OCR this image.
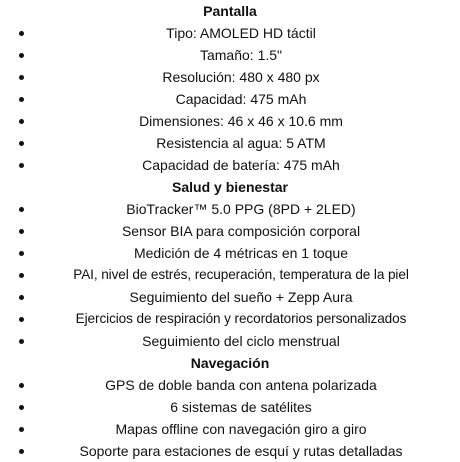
Pantalla
Tipo: AMOLED HD táctil
Tamaño: 1.5"
Resolución: 480 x 480 px
Capacidad: 475 mAh
Dimensiones: 46 x 46 x 10.6 mm
Resistencia al agua: 5 ATM
Capacidad de batería: 475 mAh
Salud y bienestar
BioTracker™ 5.0 PPG (8PD + 2LED)
Sensor BIA para composición corporal
Medición de 4 métricas en 1 toque
PAI, nivel de estrés, recuperación, temperatura de la piel
Seguimiento del sueño + Zepp Aura
Ejercicios de respiración y recordatorios personalizados
Seguimiento del ciclo menstrual
Navegación
GPS de doble banda con antena polarizada
6 sistemas de satélites
Mapas offline con navegación giro a giro
Soporte para estaciones de esquí y rutas detalladas
